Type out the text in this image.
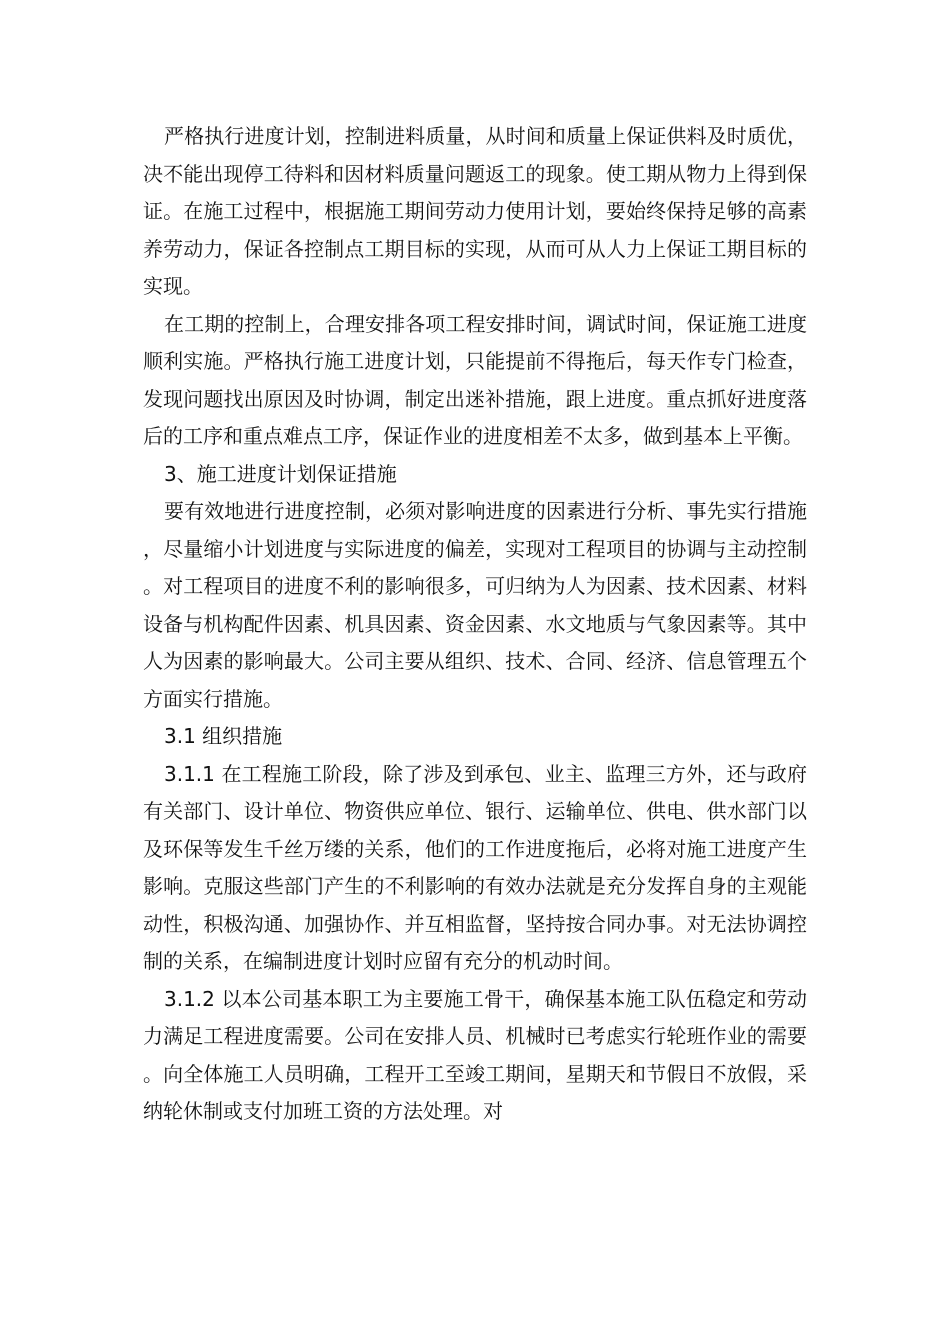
严格执行进度计划，控制进料质量，从时间和质量上保证供料及时质优，决不能出现停工待料和因材料质量问题返工的现象。使工期从物力上得到保证。在施工过程中，根据施工期间劳动力使用计划，要始终保持足够的高素养劳动力，保证各控制点工期目标的实现，从而可从人力上保证工期目标的实现。

在工期的控制上，合理安排各项工程安排时间，调试时间，保证施工进度顺利实施。严格执行施工进度计划，只能提前不得拖后，每天作专门检查，发现问题找出原因及时协调，制定出迷补措施，跟上进度。重点抓好进度落后的工序和重点难点工序，保证作业的进度相差不太多，做到基本上平衡。

3、施工进度计划保证措施

要有效地进行进度控制，必须对影响进度的因素进行分析、事先实行措施，尽量缩小计划进度与实际进度的偏差，实现对工程项目的协调与主动控制。对工程项目的进度不利的影响很多，可归纳为人为因素、技术因素、材料设备与机构配件因素、机具因素、资金因素、水文地质与气象因素等。其中人为因素的影响最大。公司主要从组织、技术、合同、经济、信息管理五个方面实行措施。

3.1 组织措施

3.1.1 在工程施工阶段，除了涉及到承包、业主、监理三方外，还与政府有关部门、设计单位、物资供应单位、银行、运输单位、供电、供水部门以及环保等发生千丝万缕的关系，他们的工作进度拖后，必将对施工进度产生影响。克服这些部门产生的不利影响的有效办法就是充分发挥自身的主观能动性，积极沟通、加强协作、并互相监督，坚持按合同办事。对无法协调控制的关系，在编制进度计划时应留有充分的机动时间。

3.1.2 以本公司基本职工为主要施工骨干，确保基本施工队伍稳定和劳动力满足工程进度需要。公司在安排人员、机械时已考虑实行轮班作业的需要。向全体施工人员明确，工程开工至竣工期间，星期天和节假日不放假，采纳轮休制或支付加班工资的方法处理。对
